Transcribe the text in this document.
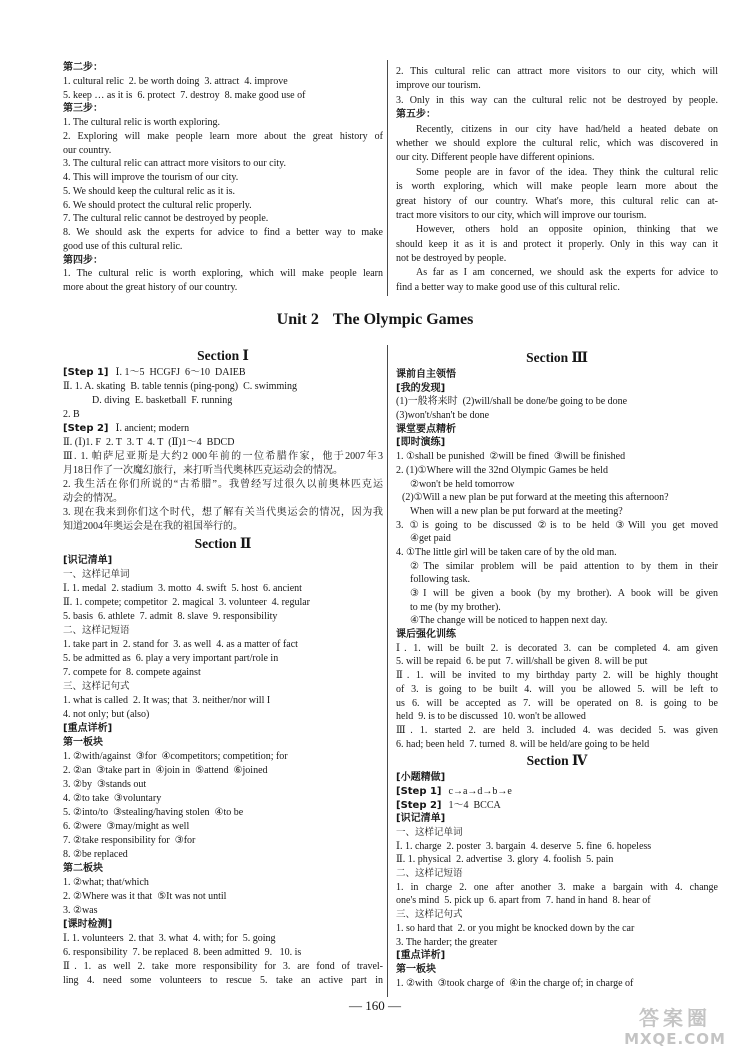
第二步：
1. cultural relic  2. be worth doing  3. attract  4. improve
5. keep … as it is  6. protect  7. destroy  8. make good use of
第三步：
1. The cultural relic is worth exploring.
2. Exploring will make people learn more about the great history of
our country.
3. The cultural relic can attract more visitors to our city.
4. This will improve the tourism of our city.
5. We should keep the cultural relic as it is.
6. We should protect the cultural relic properly.
7. The cultural relic cannot be destroyed by people.
8. We should ask the experts for advice to find a better way to make
good use of this cultural relic.
第四步：
1. The cultural relic is worth exploring, which will make people learn
more about the great history of our country.
2. This cultural relic can attract more visitors to our city, which will
improve our tourism.
3. Only in this way can the cultural relic not be destroyed by people.
第五步：
Recently, citizens in our city have had/held a heated debate on
whether we should explore the cultural relic, which was discovered in
our city. Different people have different opinions.
Some people are in favor of the idea. They think the cultural relic
is worth exploring, which will make people learn more about the
great history of our country. What's more, this cultural relic can at-
tract more visitors to our city, which will improve our tourism.
However, others hold an opposite opinion, thinking that we
should keep it as it is and protect it properly. Only in this way can it
not be destroyed by people.
As far as I am concerned, we should ask the experts for advice to
find a better way to make good use of this cultural relic.
Unit 2 The Olympic Games
Section Ⅰ
[Step 1] Ⅰ. 1～5  HCGFJ  6～10  DAIEB
Ⅱ. 1. A. skating  B. table tennis (ping-pong)  C. swimming
D. diving  E. basketball  F. running
2. B
[Step 2] Ⅰ. ancient; modern
Ⅱ. (Ⅰ)1. F  2. T  3. T  4. T  (Ⅱ)1～4  BDCD
Ⅲ. 1. 帕萨尼亚斯是大约2 000年前的一位希腊作家，他于2007年3
月18日作了一次魔幻旅行，来打听当代奥林匹克运动会的情况。
2. 我生活在你们所说的“古希腊”。我曾经写过很久以前奥林匹克运
动会的情况。
3. 现在我来到你们这个时代，想了解有关当代奥运会的情况，因为我
知道2004年奥运会是在我的祖国举行的。
Section Ⅱ
[识记清单]
一、这样记单词
Ⅰ. 1. medal  2. stadium  3. motto  4. swift  5. host  6. ancient
Ⅱ. 1. compete; competitor  2. magical  3. volunteer  4. regular
5. basis  6. athlete  7. admit  8. slave  9. responsibility
二、这样记短语
1. take part in  2. stand for  3. as well  4. as a matter of fact
5. be admitted as  6. play a very important part/role in
7. compete for  8. compete against
三、这样记句式
1. what is called  2. It was; that  3. neither/nor will I
4. not only; but (also)
[重点详析]
第一板块
1. ②with/against  ③for  ④competitors; competition; for
2. ②an  ③take part in  ④join in  ⑤attend  ⑥joined
3. ②by  ③stands out
4. ②to take  ③voluntary
5. ②into/to  ③stealing/having stolen  ④to be
6. ②were  ③may/might as well
7. ②take responsibility for  ③for
8. ②be replaced
第二板块
1. ②what; that/which
2. ②Where was it that  ⑤It was not until
3. ②was
[课时检测]
Ⅰ. 1. volunteers  2. that  3. what  4. with; for  5. going
6. responsibility  7. be replaced  8. been admitted  9.   10. is
Ⅱ. 1. as well 2. take more responsibility for 3. are fond of travel-
ling 4. need some volunteers to rescue 5. take an active part in
Section Ⅲ
课前自主领悟
[我的发现]
(1)一般将来时  (2)will/shall be done/be going to be done
(3)won't/shan't be done
课堂要点精析
[即时演练]
1. ①shall be punished  ②will be fined  ③will be finished
2. (1)①Where will the 32nd Olympic Games be held
②won't be held tomorrow
(2)①Will a new plan be put forward at the meeting this afternoon?
When will a new plan be put forward at the meeting?
3. ①is going to be discussed ②is to be held ③Will you get moved
④get paid
4. ①The little girl will be taken care of by the old man.
②The similar problem will be paid attention to by them in their
following task.
③I will be given a book (by my brother). A book will be given
to me (by my brother).
④The change will be noticed to happen next day.
课后强化训练
Ⅰ. 1. will be built 2. is decorated 3. can be completed 4. am given
5. will be repaid  6. be put  7. will/shall be given  8. will be put
Ⅱ. 1. will be invited to my birthday party 2. will be highly thought
of 3. is going to be built 4. will you be allowed 5. will be left to
us 6. will be accepted as 7. will be operated on 8. is going to be
held  9. is to be discussed  10. won't be allowed
Ⅲ. 1. started 2. are held 3. included 4. was decided 5. was given
6. had; been held  7. turned  8. will be held/are going to be held
Section Ⅳ
[小题精做]
[Step 1] c→a→d→b→e
[Step 2] 1～4  BCCA
[识记清单]
一、这样记单词
Ⅰ. 1. charge  2. poster  3. bargain  4. deserve  5. fine  6. hopeless
Ⅱ. 1. physical  2. advertise  3. glory  4. foolish  5. pain
二、这样记短语
1. in charge 2. one after another 3. make a bargain with 4. change
one's mind  5. pick up  6. apart from  7. hand in hand  8. hear of
三、这样记句式
1. so hard that  2. or you might be knocked down by the car
3. The harder; the greater
[重点详析]
第一板块
1. ②with  ③took charge of  ④in the charge of; in charge of
— 160 —
答案圈
MXQE.COM
